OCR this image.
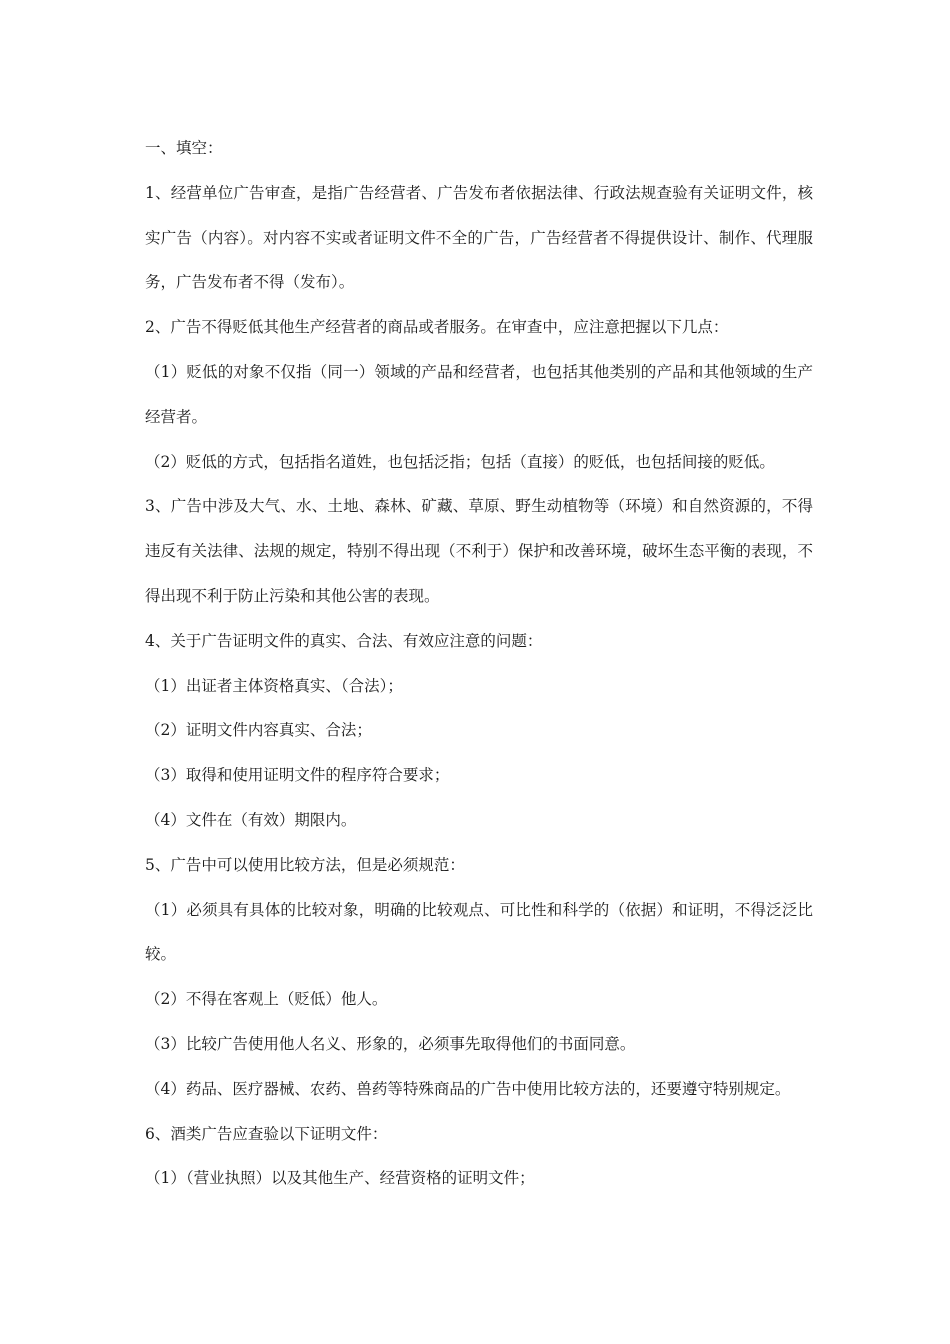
一、填空：

1、经营单位广告审查，是指广告经营者、广告发布者依据法律、行政法规查验有关证明文件，核实广告（内容）。对内容不实或者证明文件不全的广告，广告经营者不得提供设计、制作、代理服务，广告发布者不得（发布）。

2、广告不得贬低其他生产经营者的商品或者服务。在审查中，应注意把握以下几点：

（1）贬低的对象不仅指（同一）领域的产品和经营者，也包括其他类别的产品和其他领域的生产经营者。

（2）贬低的方式，包括指名道姓，也包括泛指；包括（直接）的贬低，也包括间接的贬低。

3、广告中涉及大气、水、土地、森林、矿藏、草原、野生动植物等（环境）和自然资源的，不得违反有关法律、法规的规定，特别不得出现（不利于）保护和改善环境，破坏生态平衡的表现，不得出现不利于防止污染和其他公害的表现。

4、关于广告证明文件的真实、合法、有效应注意的问题：

（1）出证者主体资格真实、（合法）；

（2）证明文件内容真实、合法；

（3）取得和使用证明文件的程序符合要求；

（4）文件在（有效）期限内。

5、广告中可以使用比较方法，但是必须规范：

（1）必须具有具体的比较对象，明确的比较观点、可比性和科学的（依据）和证明，不得泛泛比较。

（2）不得在客观上（贬低）他人。

（3）比较广告使用他人名义、形象的，必须事先取得他们的书面同意。

（4）药品、医疗器械、农药、兽药等特殊商品的广告中使用比较方法的，还要遵守特别规定。

6、酒类广告应查验以下证明文件：

（1）（营业执照）以及其他生产、经营资格的证明文件；
